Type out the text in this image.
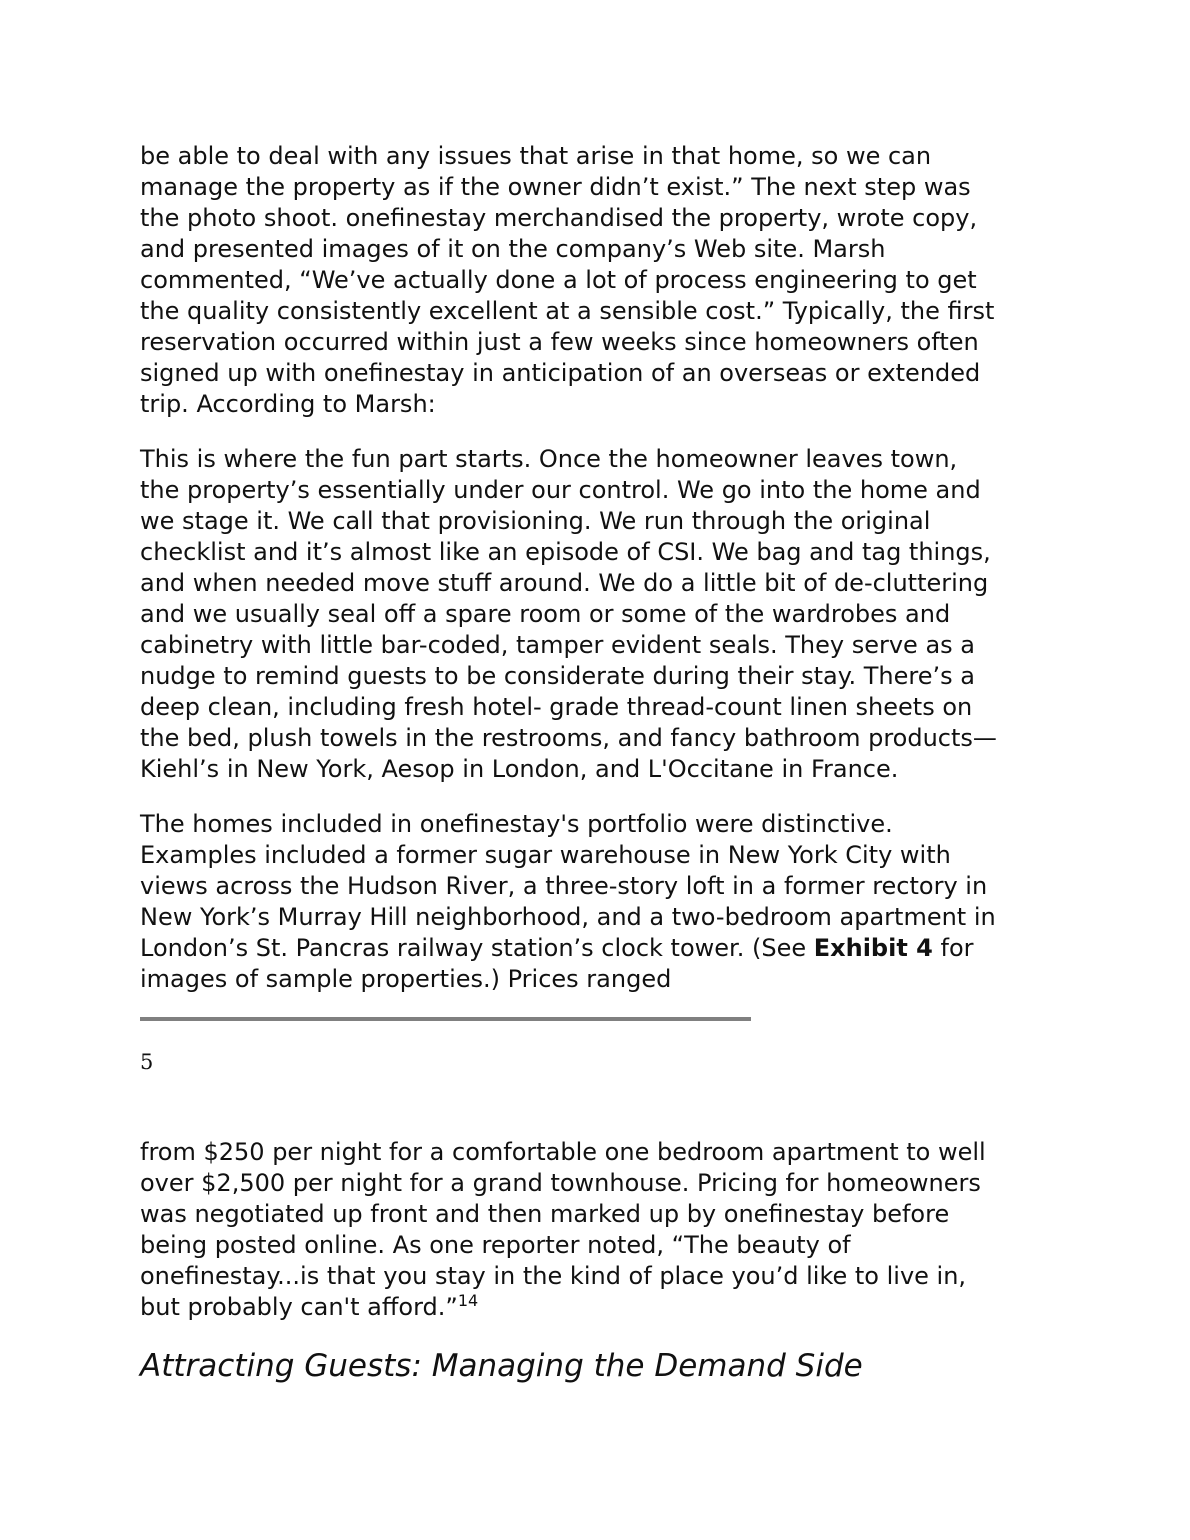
be able to deal with any issues that arise in that home, so we can
manage the property as if the owner didn’t exist.” The next step was
the photo shoot. onefinestay merchandised the property, wrote copy,
and presented images of it on the company’s Web site. Marsh
commented, “We’ve actually done a lot of process engineering to get
the quality consistently excellent at a sensible cost.” Typically, the first
reservation occurred within just a few weeks since homeowners often
signed up with onefinestay in anticipation of an overseas or extended
trip. According to Marsh:

This is where the fun part starts. Once the homeowner leaves town,
the property’s essentially under our control. We go into the home and
we stage it. We call that provisioning. We run through the original
checklist and it’s almost like an episode of CSI. We bag and tag things,
and when needed move stuff around. We do a little bit of de-cluttering
and we usually seal off a spare room or some of the wardrobes and
cabinetry with little bar-coded, tamper evident seals. They serve as a
nudge to remind guests to be considerate during their stay. There’s a
deep clean, including fresh hotel- grade thread-count linen sheets on
the bed, plush towels in the restrooms, and fancy bathroom products—
Kiehl’s in New York, Aesop in London, and L'Occitane in France.

The homes included in onefinestay's portfolio were distinctive.
Examples included a former sugar warehouse in New York City with
views across the Hudson River, a three-story loft in a former rectory in
New York’s Murray Hill neighborhood, and a two-bedroom apartment in
London’s St. Pancras railway station’s clock tower. (See Exhibit 4 for
images of sample properties.) Prices ranged

5

from $250 per night for a comfortable one bedroom apartment to well
over $2,500 per night for a grand townhouse. Pricing for homeowners
was negotiated up front and then marked up by onefinestay before
being posted online. As one reporter noted, “The beauty of
onefinestay...is that you stay in the kind of place you’d like to live in,
but probably can't afford.”$^{14}$

Attracting Guests: Managing the Demand Side
